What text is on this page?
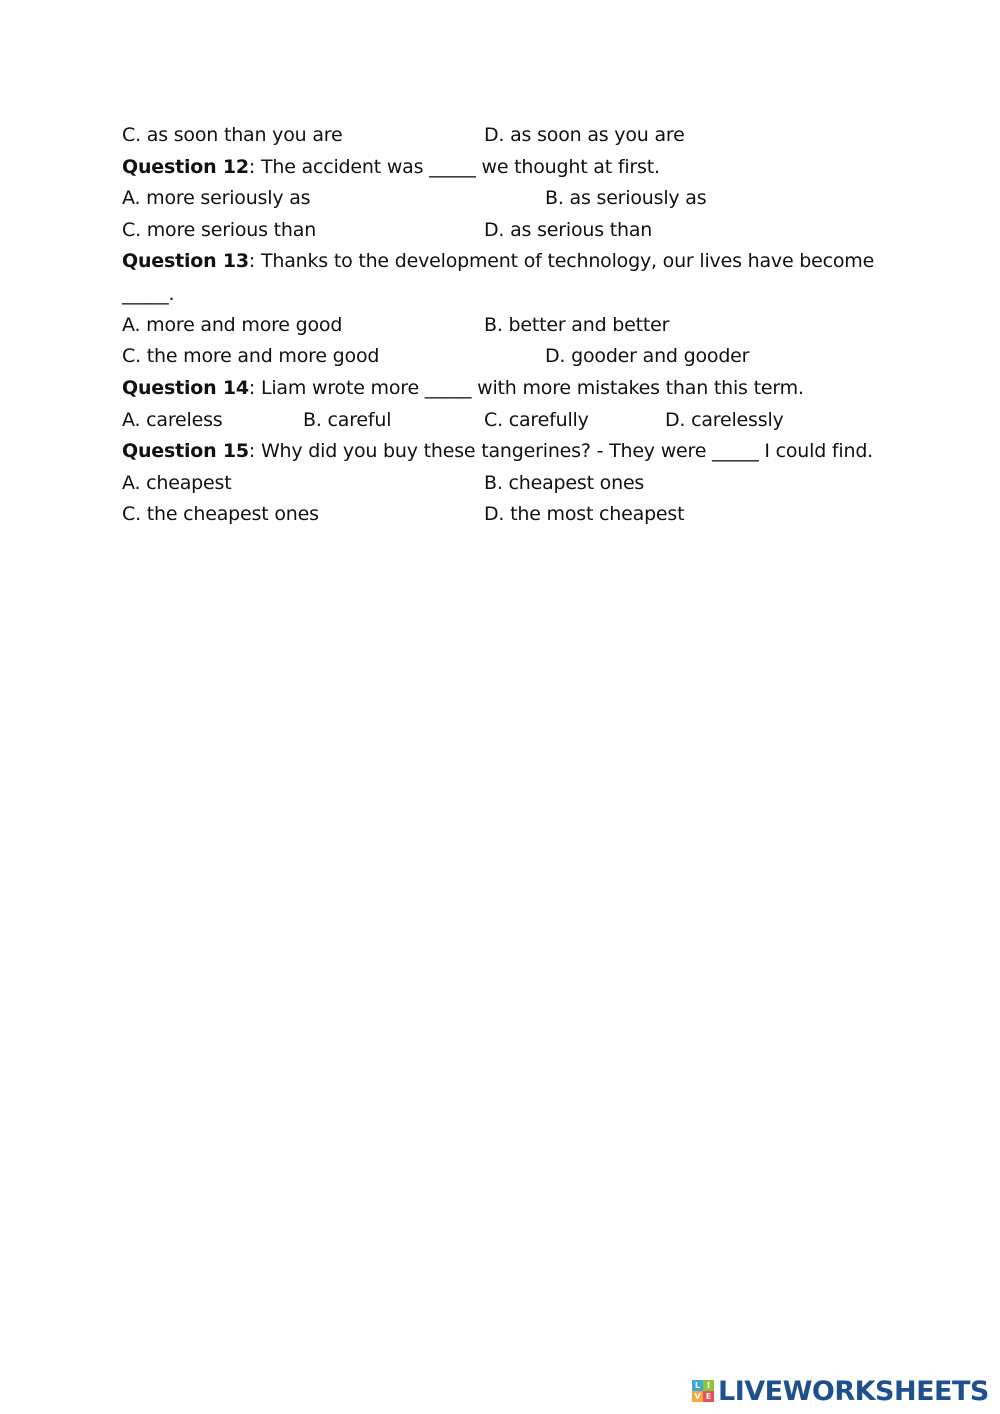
C. as soon than you are	D. as soon as you are
Question 12: The accident was _____ we thought at first.
A. more seriously as	B. as seriously as
C. more serious than	D. as serious than
Question 13: Thanks to the development of technology, our lives have become
_____.
A. more and more good	B. better and better
C. the more and more good	D. gooder and gooder
Question 14: Liam wrote more _____ with more mistakes than this term.
A. careless	B. careful	C. carefully	D. carelessly
Question 15: Why did you buy these tangerines? - They were _____ I could find.
A. cheapest	B. cheapest ones
C. the cheapest ones	D. the most cheapest
L I
V E LIVEWORKSHEETS
